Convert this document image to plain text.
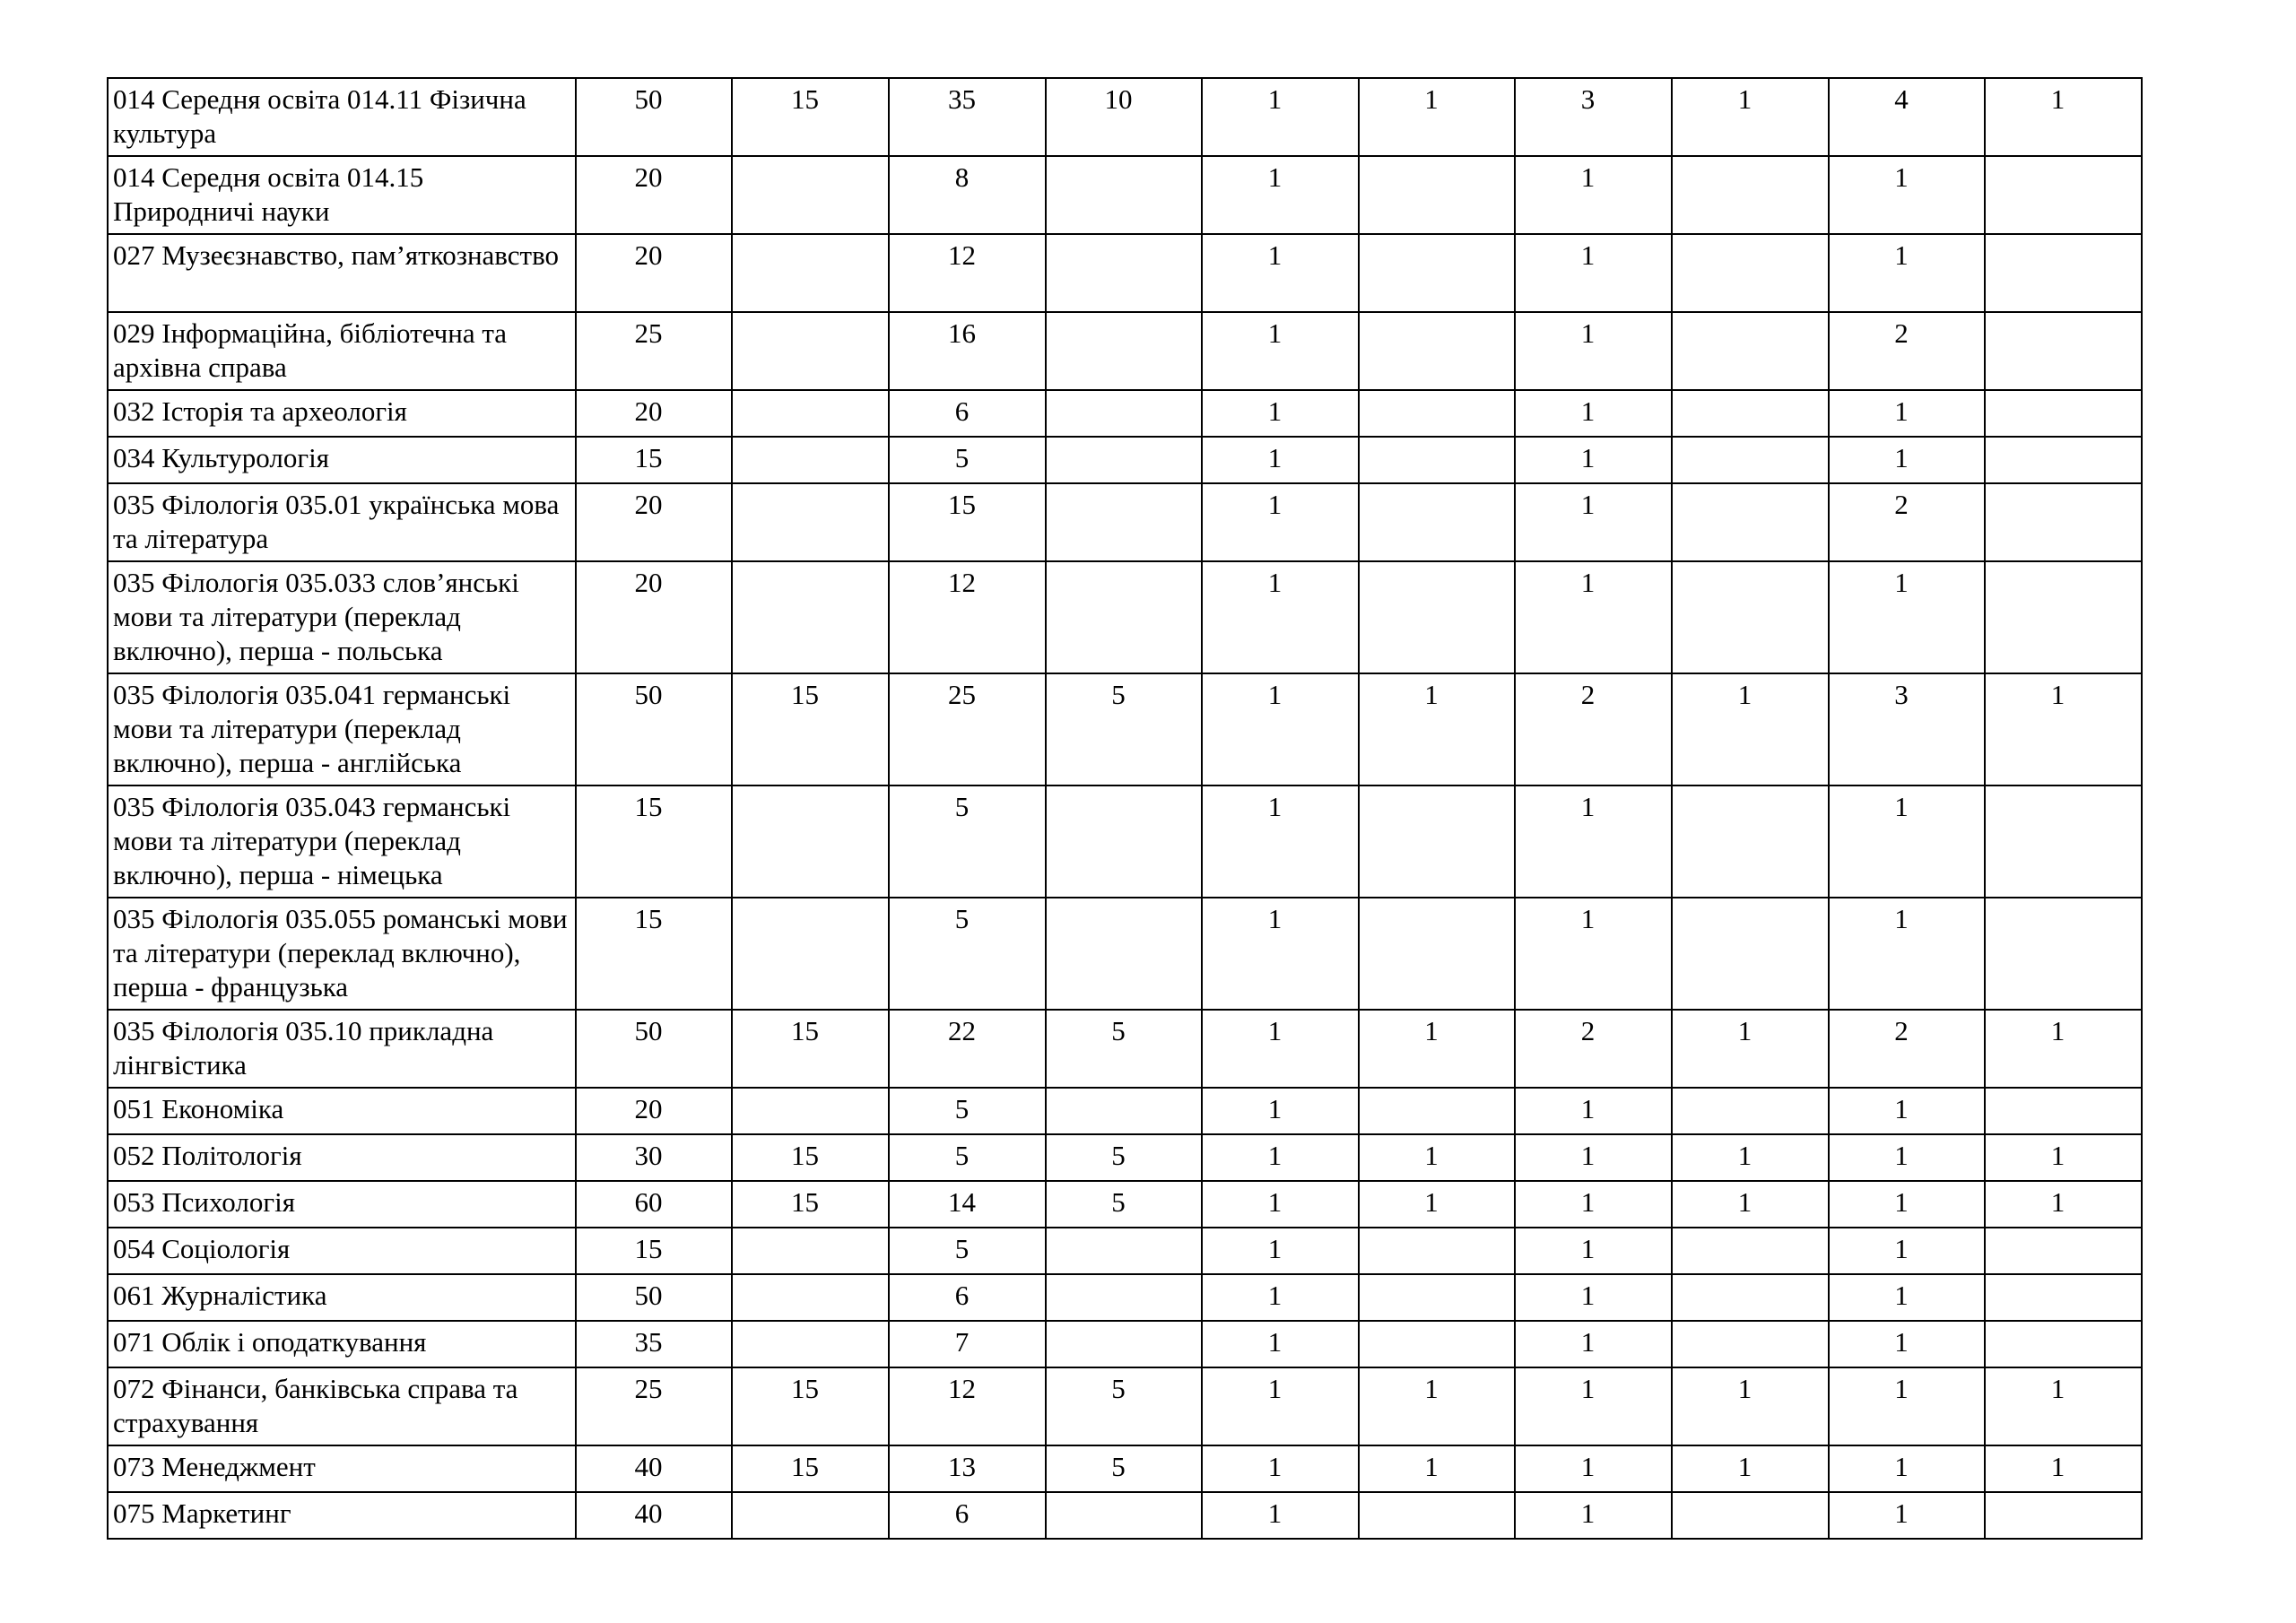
014 Середня освіта 014.11 Фізична культура	50	15	35	10	1	1	3	1	4	1
014 Середня освіта 014.15 Природничі науки	20		8		1		1		1	
027 Музеєзнавство, пам’яткознавство	20		12		1		1		1	
029 Інформаційна, бібліотечна та архівна справа	25		16		1		1		2	
032 Історія та археологія	20		6		1		1		1	
034 Культурологія	15		5		1		1		1	
035 Філологія 035.01 українська мова та література	20		15		1		1		2	
035 Філологія 035.033 слов’янські мови та літератури (переклад включно), перша - польська	20		12		1		1		1	
035 Філологія 035.041 германські мови та літератури (переклад включно), перша - англійська	50	15	25	5	1	1	2	1	3	1
035 Філологія 035.043 германські мови та літератури (переклад включно), перша - німецька	15		5		1		1		1	
035 Філологія 035.055 романські мови та літератури (переклад включно), перша - французька	15		5		1		1		1	
035 Філологія 035.10 прикладна лінгвістика	50	15	22	5	1	1	2	1	2	1
051 Економіка	20		5		1		1		1	
052 Політологія	30	15	5	5	1	1	1	1	1	1
053 Психологія	60	15	14	5	1	1	1	1	1	1
054 Соціологія	15		5		1		1		1	
061 Журналістика	50		6		1		1		1	
071 Облік і оподаткування	35		7		1		1		1	
072 Фінанси, банківська справа та страхування	25	15	12	5	1	1	1	1	1	1
073 Менеджмент	40	15	13	5	1	1	1	1	1	1
075 Маркетинг	40		6		1		1		1	
